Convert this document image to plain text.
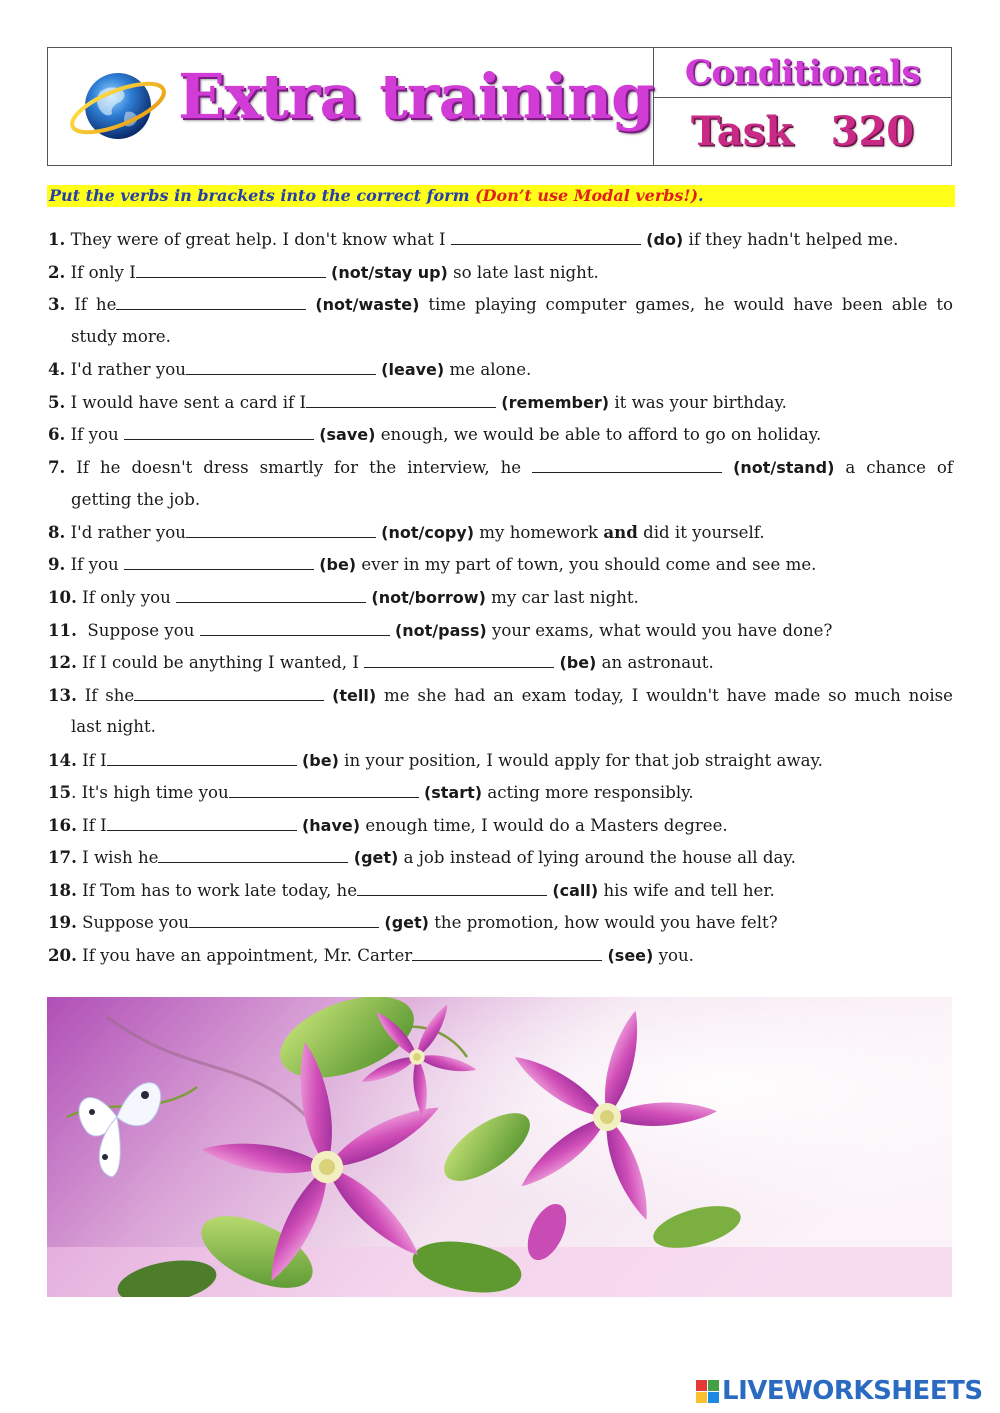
Extra training Conditionals
Task 320
Put the verbs in brackets into the correct form (Don’t use Modal verbs!).
1. They were of great help. I don't know what I	(do) if they hadn't helped me.
2. If only I	(not/stay up) so late last night.
3. If he	(not/waste) time playing computer games, he would have been able to
study more.
4. I'd rather you	(leave) me alone.
5. I would have sent a card if I	(remember) it was your birthday.
6. If you	(save) enough, we would be able to afford to go on holiday.
7. If he doesn't dress smartly for the interview, he	(not/stand) a chance of
getting the job.
8. I'd rather you	(not/copy) my homework and did it yourself.
9. If you	(be) ever in my part of town, you should come and see me.
10. If only you	(not/borrow) my car last night.
11.  Suppose you	(not/pass) your exams, what would you have done?
12. If I could be anything I wanted, I	(be) an astronaut.
13. If she	(tell) me she had an exam today, I wouldn't have made so much noise
last night.
14. If I	(be) in your position, I would apply for that job straight away.
15. It's high time you	(start) acting more responsibly.
16. If I	(have) enough time, I would do a Masters degree.
17. I wish he	(get) a job instead of lying around the house all day.
18. If Tom has to work late today, he	(call) his wife and tell her.
19. Suppose you	(get) the promotion, how would you have felt?
20. If you have an appointment, Mr. Carter	(see) you.
LIVEWORKSHEETS
